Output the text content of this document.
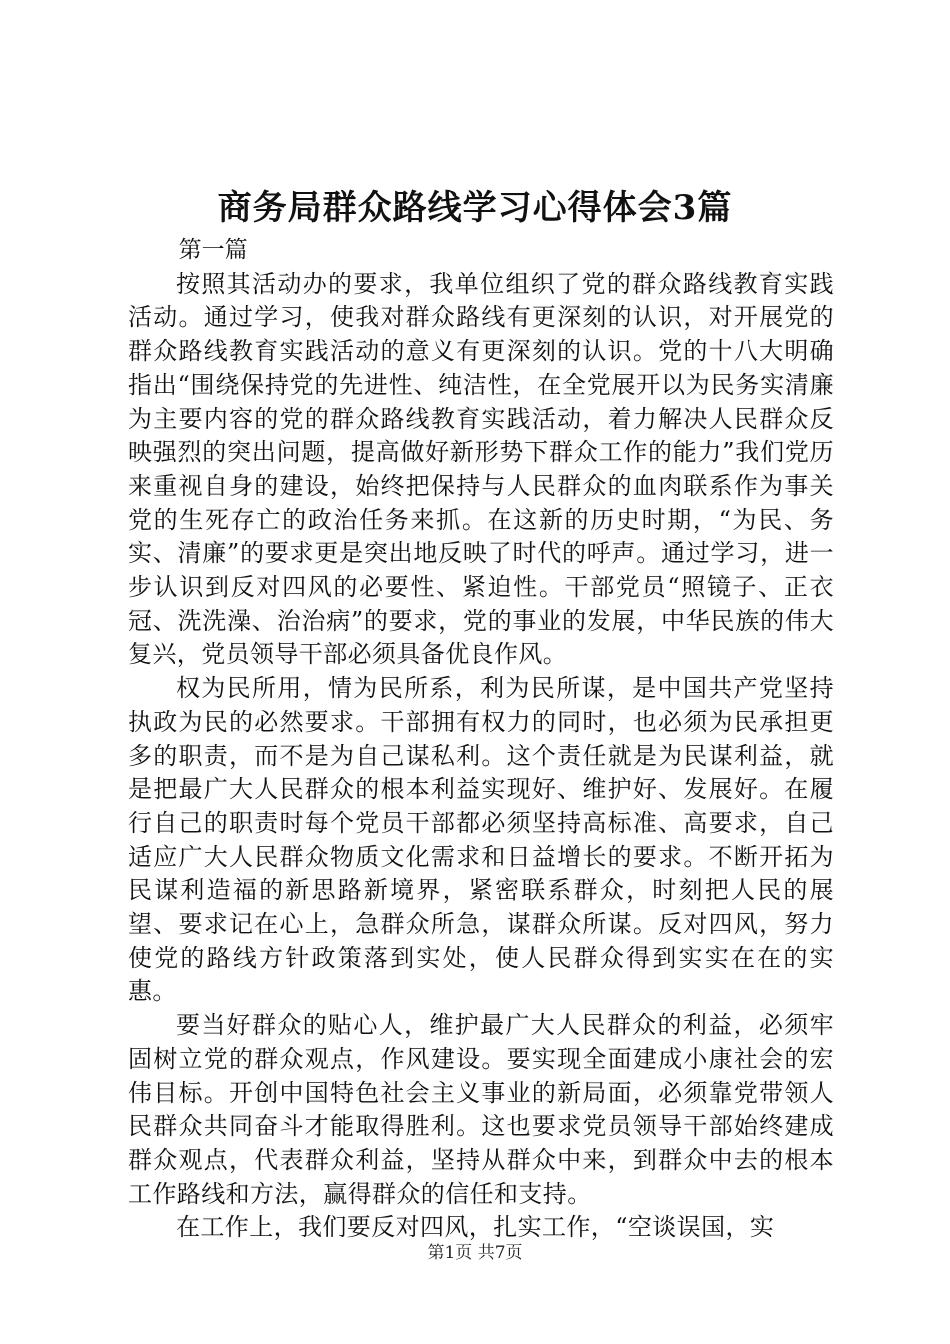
商务局群众路线学习心得体会3篇

第一篇

按照其活动办的要求，我单位组织了党的群众路线教育实践活动。通过学习，使我对群众路线有更深刻的认识，对开展党的群众路线教育实践活动的意义有更深刻的认识。党的十八大明确指出“围绕保持党的先进性、纯洁性，在全党展开以为民务实清廉为主要内容的党的群众路线教育实践活动，着力解决人民群众反映强烈的突出问题，提高做好新形势下群众工作的能力”我们党历来重视自身的建设，始终把保持与人民群众的血肉联系作为事关党的生死存亡的政治任务来抓。在这新的历史时期，“为民、务实、清廉”的要求更是突出地反映了时代的呼声。通过学习，进一步认识到反对四风的必要性、紧迫性。干部党员“照镜子、正衣冠、洗洗澡、治治病”的要求，党的事业的发展，中华民族的伟大复兴，党员领导干部必须具备优良作风。

权为民所用，情为民所系，利为民所谋，是中国共产党坚持执政为民的必然要求。干部拥有权力的同时，也必须为民承担更多的职责，而不是为自己谋私利。这个责任就是为民谋利益，就是把最广大人民群众的根本利益实现好、维护好、发展好。在履行自己的职责时每个党员干部都必须坚持高标准、高要求，自己适应广大人民群众物质文化需求和日益增长的要求。不断开拓为民谋利造福的新思路新境界，紧密联系群众，时刻把人民的展望、要求记在心上，急群众所急，谋群众所谋。反对四风，努力使党的路线方针政策落到实处，使人民群众得到实实在在的实惠。

要当好群众的贴心人，维护最广大人民群众的利益，必须牢固树立党的群众观点，作风建设。要实现全面建成小康社会的宏伟目标。开创中国特色社会主义事业的新局面，必须靠党带领人民群众共同奋斗才能取得胜利。这也要求党员领导干部始终建成群众观点，代表群众利益，坚持从群众中来，到群众中去的根本工作路线和方法，赢得群众的信任和支持。

在工作上，我们要反对四风，扎实工作，“空谈误国，实

第1页 共7页
